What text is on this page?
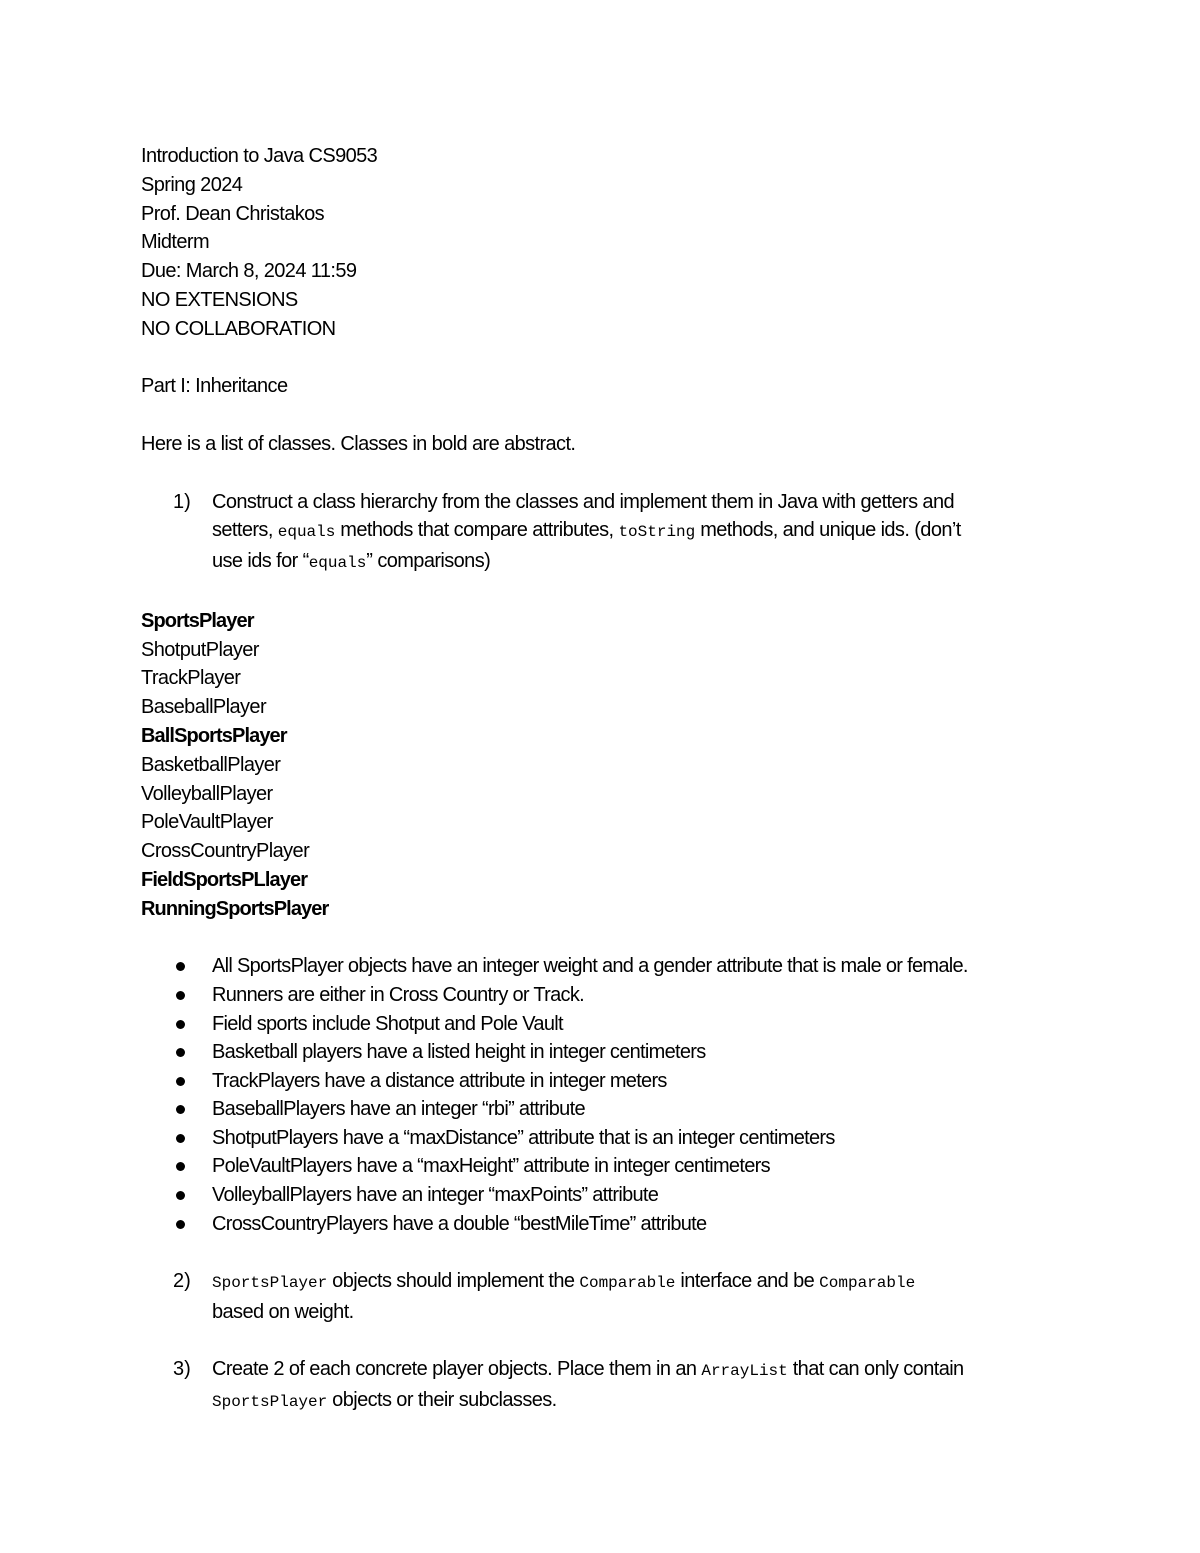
Introduction to Java CS9053
Spring 2024
Prof. Dean Christakos
Midterm
Due: March 8, 2024 11:59
NO EXTENSIONS
NO COLLABORATION
Part I: Inheritance
Here is a list of classes. Classes in bold are abstract.
1)	Construct a class hierarchy from the classes and implement them in Java with getters and
setters, equals methods that compare attributes, toString methods, and unique ids. (don’t
use ids for “equals” comparisons)
SportsPlayer
ShotputPlayer
TrackPlayer
BaseballPlayer
BallSportsPlayer
BasketballPlayer
VolleyballPlayer
PoleVaultPlayer
CrossCountryPlayer
FieldSportsPLlayer
RunningSportsPlayer
All SportsPlayer objects have an integer weight and a gender attribute that is male or female.
Runners are either in Cross Country or Track.
Field sports include Shotput and Pole Vault
Basketball players have a listed height in integer centimeters
TrackPlayers have a distance attribute in integer meters
BaseballPlayers have an integer “rbi” attribute
ShotputPlayers have a “maxDistance” attribute that is an integer centimeters
PoleVaultPlayers have a “maxHeight” attribute in integer centimeters
VolleyballPlayers have an integer “maxPoints” attribute
CrossCountryPlayers have a double “bestMileTime” attribute
2)	SportsPlayer objects should implement the Comparable interface and be Comparable
based on weight.
3)	Create 2 of each concrete player objects. Place them in an ArrayList that can only contain
SportsPlayer objects or their subclasses.
